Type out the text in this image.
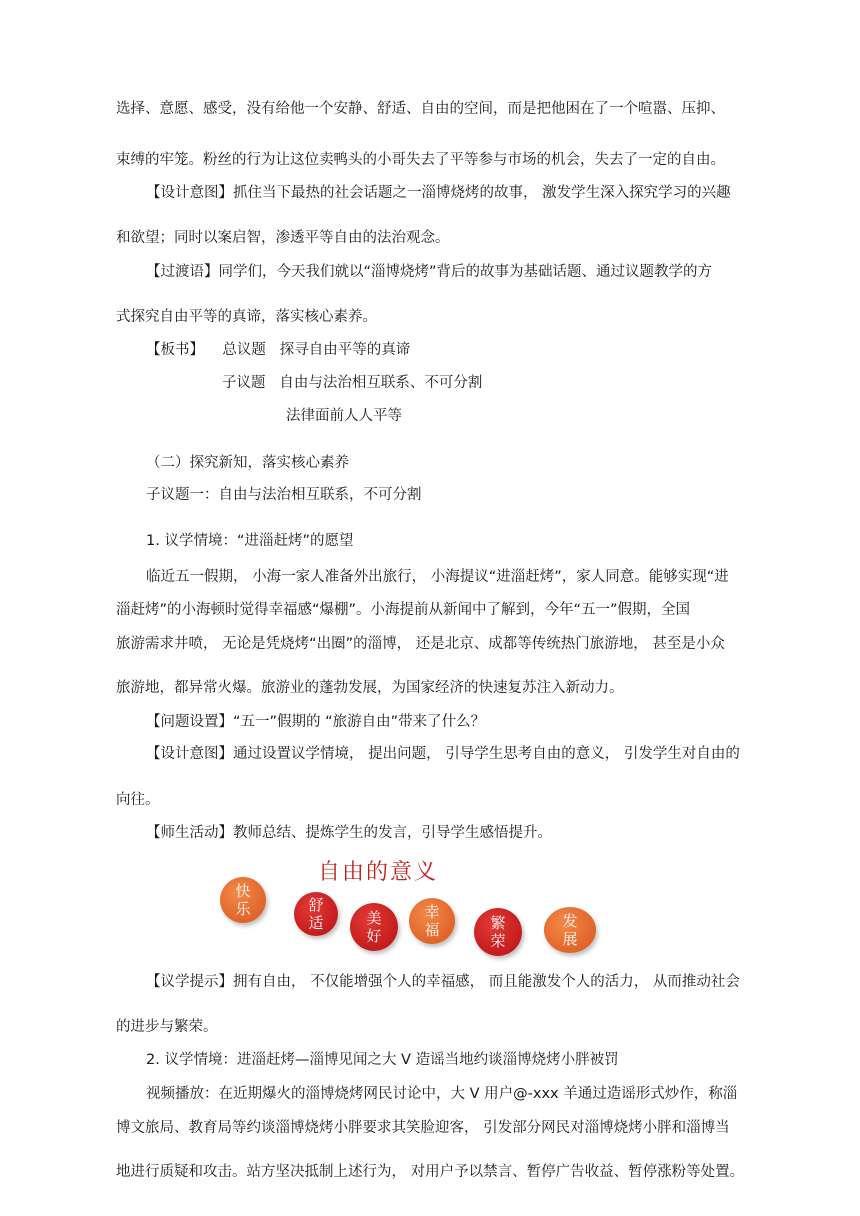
选择、意愿、感受，没有给他一个安静、舒适、自由的空间，而是把他困在了一个喧嚣、压抑、
束缚的牢笼。粉丝的行为让这位卖鸭头的小哥失去了平等参与市场的机会，失去了一定的自由。
【设计意图】抓住当下最热的社会话题之一淄博烧烤的故事， 激发学生深入探究学习的兴趣
和欲望；同时以案启智，渗透平等自由的法治观念。
【过渡语】同学们，今天我们就以“淄博烧烤”背后的故事为基础话题、通过议题教学的方
式探究自由平等的真谛，落实核心素养。
【板书】    总议题   探寻自由平等的真谛
子议题   自由与法治相互联系、不可分割
法律面前人人平等
（二）探究新知，落实核心素养
子议题一：自由与法治相互联系，不可分割
1. 议学情境：“进淄赶烤”的愿望
临近五一假期， 小海一家人准备外出旅行， 小海提议“进淄赶烤”，家人同意。能够实现“进
淄赶烤”的小海顿时觉得幸福感“爆棚”。小海提前从新闻中了解到，今年“五一”假期，全国
旅游需求井喷， 无论是凭烧烤“出圈”的淄博， 还是北京、成都等传统热门旅游地， 甚至是小众
旅游地，都异常火爆。旅游业的蓬勃发展，为国家经济的快速复苏注入新动力。
【问题设置】“五一”假期的 “旅游自由”带来了什么？
【设计意图】通过设置议学情境， 提出问题， 引导学生思考自由的意义， 引发学生对自由的
向往。
【师生活动】教师总结、提炼学生的发言，引导学生感悟提升。
自由的意义
快
乐	舒
适	美
好
幸
福	繁
荣
发
展
【议学提示】拥有自由， 不仅能增强个人的幸福感， 而且能激发个人的活力， 从而推动社会
的进步与繁荣。
2. 议学情境：进淄赶烤—淄博见闻之大 V 造谣当地约谈淄博烧烤小胖被罚
视频播放：在近期爆火的淄博烧烤网民讨论中，大 V 用户@-xxx 羊通过造谣形式炒作，称淄
博文旅局、教育局等约谈淄博烧烤小胖要求其笑脸迎客， 引发部分网民对淄博烧烤小胖和淄博当
地进行质疑和攻击。站方坚决抵制上述行为， 对用户予以禁言、暂停广告收益、暂停涨粉等处置。
